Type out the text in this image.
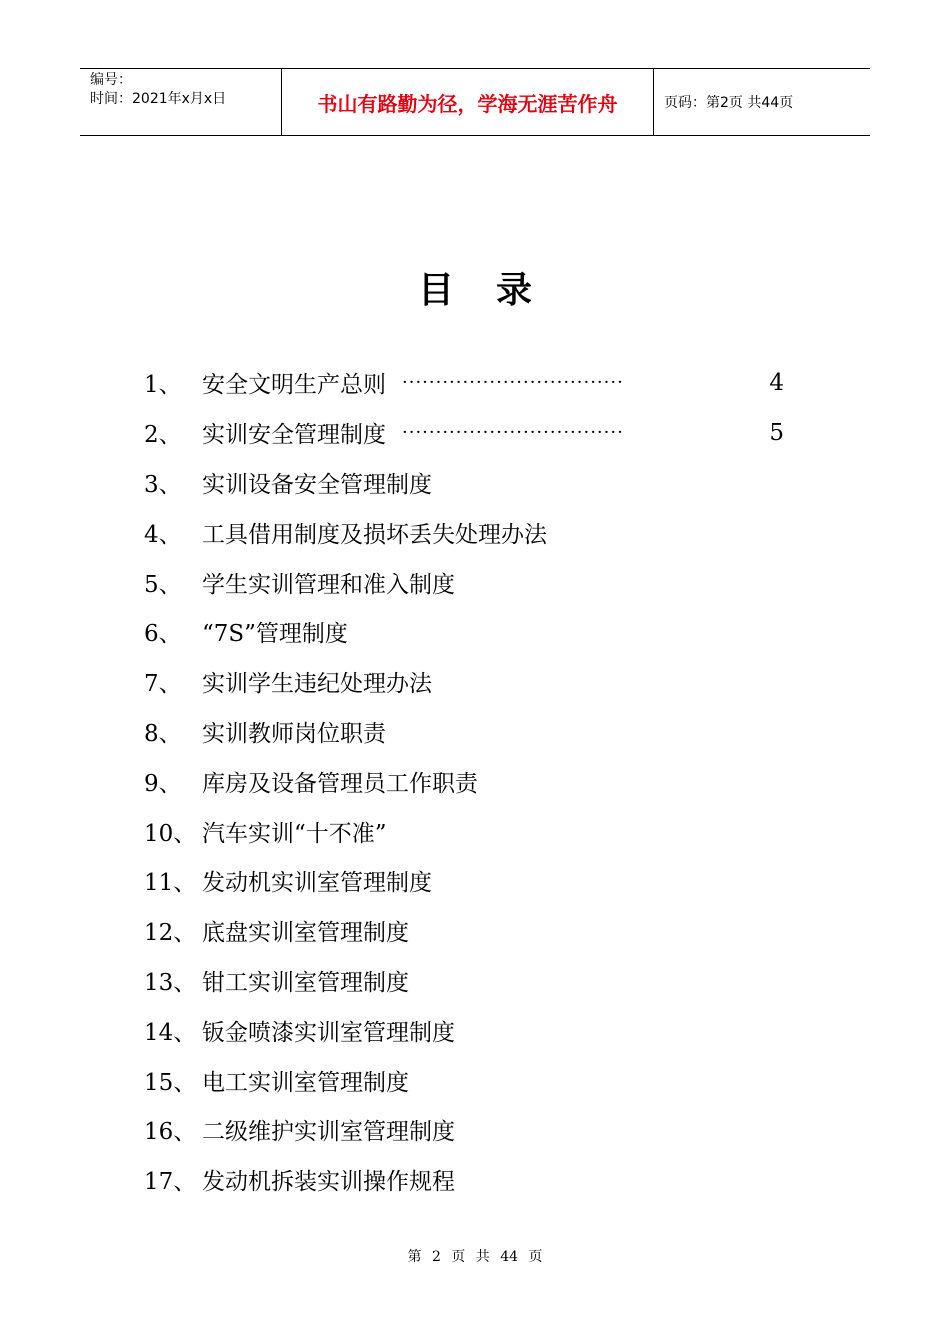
编号：
时间：2021年x月x日	书山有路勤为径，学海无涯苦作舟	页码：第2页 共44页
目录
1、 安全文明生产总则 ·································	4
2、 实训安全管理制度 ·································	5
3、 实训设备安全管理制度
4、 工具借用制度及损坏丢失处理办法
5、 学生实训管理和准入制度
6、 “7S”管理制度
7、 实训学生违纪处理办法
8、 实训教师岗位职责
9、 库房及设备管理员工作职责
10、 汽车实训“十不准”
11、 发动机实训室管理制度
12、 底盘实训室管理制度
13、 钳工实训室管理制度
14、 钣金喷漆实训室管理制度
15、 电工实训室管理制度
16、 二级维护实训室管理制度
17、 发动机拆装实训操作规程
第 2 页 共 44 页
